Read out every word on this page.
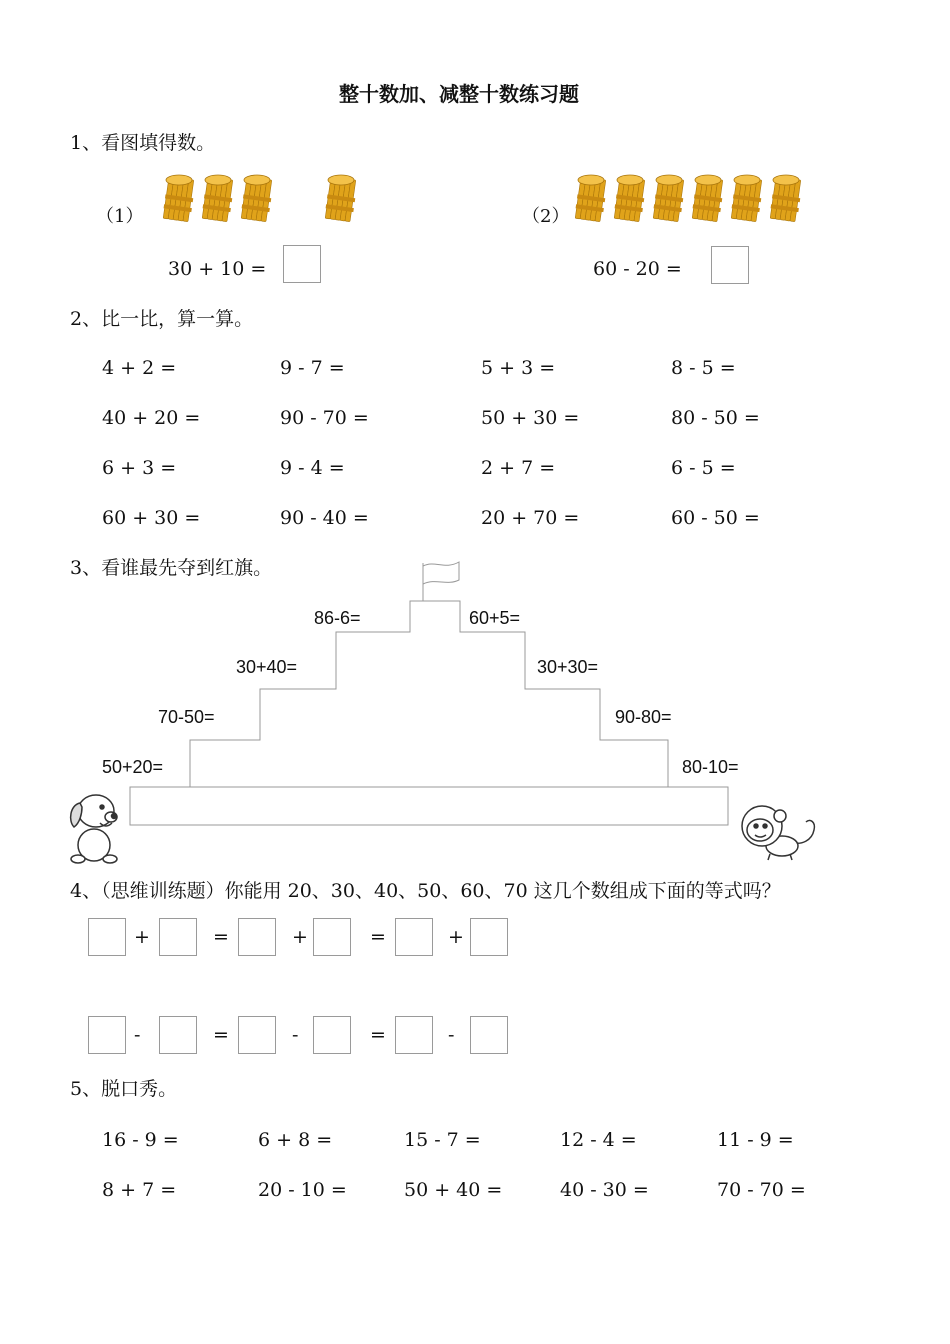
整十数加、减整十数练习题
1、看图填得数。
（1）
30 + 10 =
（2）
60 - 20 =
2、比一比，算一算。
4 + 2 =	9 - 7 =	5 + 3 =	8 - 5 =
40 + 20 =	90 - 70 =	50 + 30 =	80 - 50 =
6 + 3 =	9 - 4 =	2 + 7 =	6 - 5 =
60 + 30 =	90 - 40 =	20 + 70 =	60 - 50 =
3、看谁最先夺到红旗。
86-6=
30+40=
70-50=
50+20=
60+5=
30+30=
90-80=
80-10=
4、（思维训练题）你能用 20、30、40、50、60、70 这几个数组成下面的等式吗？
+	=	+	=	+
-	=	-	=	-
5、脱口秀。
16 - 9 =	6 + 8 =	15 - 7 =	12 - 4 =	11 - 9 =
8 + 7 =	20 - 10 =	50 + 40 =	40 - 30 =	70 - 70 =
